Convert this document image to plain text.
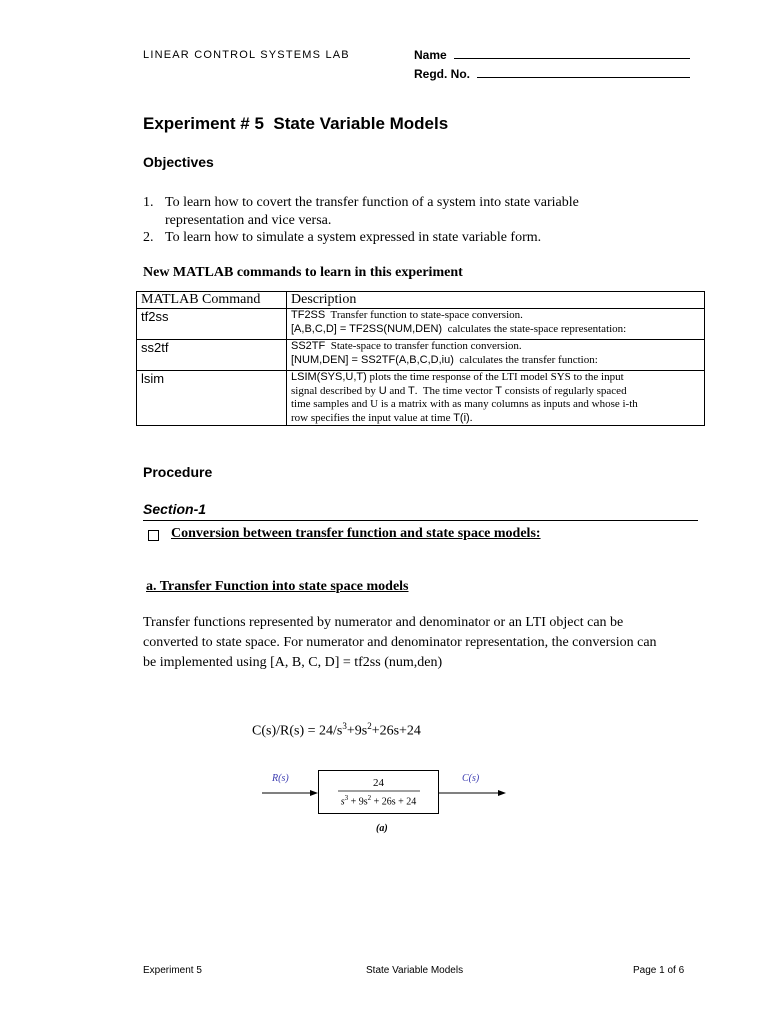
LINEAR CONTROL SYSTEMS LAB	Name
Regd. No.
Experiment # 5  State Variable Models
Objectives
1. To learn how to covert the transfer function of a system into state variable
representation and vice versa.
2. To learn how to simulate a system expressed in state variable form.
New MATLAB commands to learn in this experiment
MATLAB Command	Description
tf2ss	TF2SS  Transfer function to state-space conversion.
[A,B,C,D] = TF2SS(NUM,DEN)  calculates the state-space representation:

ss2tf	SS2TF  State-space to transfer function conversion.
[NUM,DEN] = SS2TF(A,B,C,D,iu)  calculates the transfer function:

lsim	LSIM(SYS,U,T) plots the time response of the LTI model SYS to the input
signal described by U and T.  The time vector T consists of regularly spaced
time samples and U is a matrix with as many columns as inputs and whose i-th
row specifies the input value at time T(i).
Procedure
Section-1
Conversion between transfer function and state space models:
a. Transfer Function into state space models
Transfer functions represented by numerator and denominator or an LTI object can be
converted to state space. For numerator and denominator representation, the conversion can
be implemented using [A, B, C, D] = tf2ss (num,den)
$C(s)/R(s) = 24/s^3+9s^2+26s+24$
R(s)	C(s)
24
$s^3 + 9s^2 + 26s + 24$
(a)
Experiment 5	State Variable Models	Page 1 of 6
